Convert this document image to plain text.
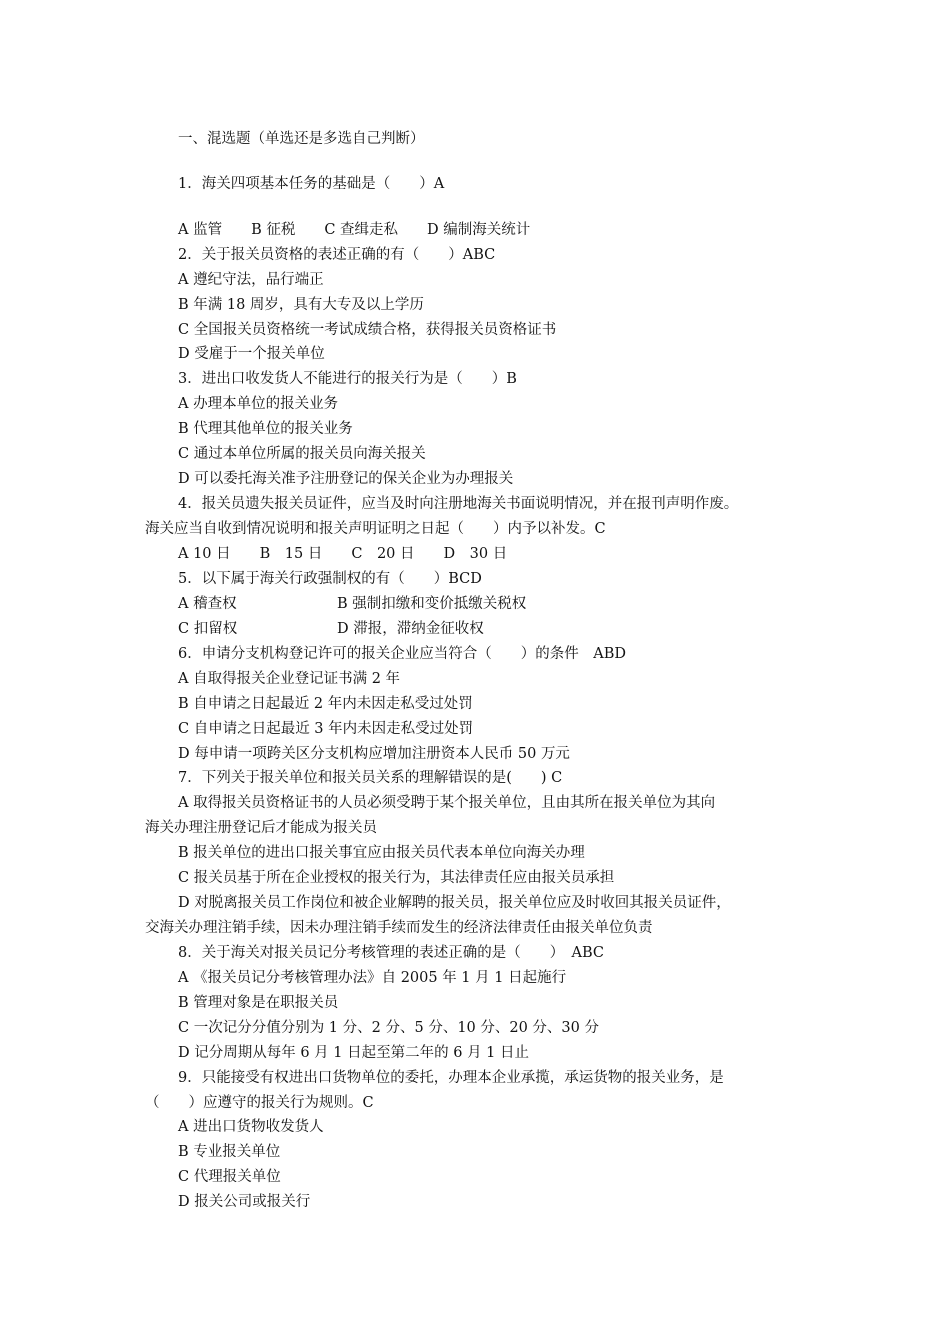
一、混选题（单选还是多选自己判断）
1．海关四项基本任务的基础是（　　）A
A 监管　　B 征税　　C 查缉走私　　D 编制海关统计
2．关于报关员资格的表述正确的有（　　）ABC
A 遵纪守法，品行端正
B 年满 18 周岁，具有大专及以上学历
C 全国报关员资格统一考试成绩合格，获得报关员资格证书
D 受雇于一个报关单位
3．进出口收发货人不能进行的报关行为是（　　）B
A 办理本单位的报关业务
B 代理其他单位的报关业务
C 通过本单位所属的报关员向海关报关
D 可以委托海关准予注册登记的保关企业为办理报关
4．报关员遗失报关员证件，应当及时向注册地海关书面说明情况，并在报刊声明作废。
海关应当自收到情况说明和报关声明证明之日起（　　）内予以补发。C
A 10 日　　B　15 日　　C　20 日　　D　30 日
5．以下属于海关行政强制权的有（　　）BCD
A 稽查权	B 强制扣缴和变价抵缴关税权
C 扣留权	D 滞报，滞纳金征收权
6．申请分支机构登记许可的报关企业应当符合（　　）的条件　ABD
A 自取得报关企业登记证书满 2 年
B 自申请之日起最近 2 年内未因走私受过处罚
C 自申请之日起最近 3 年内未因走私受过处罚
D 每申请一项跨关区分支机构应增加注册资本人民币 50 万元
7．下列关于报关单位和报关员关系的理解错误的是(　　) C
A 取得报关员资格证书的人员必须受聘于某个报关单位，且由其所在报关单位为其向
海关办理注册登记后才能成为报关员
B 报关单位的进出口报关事宜应由报关员代表本单位向海关办理
C 报关员基于所在企业授权的报关行为，其法律责任应由报关员承担
D 对脱离报关员工作岗位和被企业解聘的报关员，报关单位应及时收回其报关员证件，
交海关办理注销手续，因未办理注销手续而发生的经济法律责任由报关单位负责
8．关于海关对报关员记分考核管理的表述正确的是（　　）　ABC
A 《报关员记分考核管理办法》自 2005 年 1 月 1 日起施行
B 管理对象是在职报关员
C 一次记分分值分别为 1 分、2 分、5 分、10 分、20 分、30 分
D 记分周期从每年 6 月 1 日起至第二年的 6 月 1 日止
9．只能接受有权进出口货物单位的委托，办理本企业承揽，承运货物的报关业务，是
（　　）应遵守的报关行为规则。C
A 进出口货物收发货人
B 专业报关单位
C 代理报关单位
D 报关公司或报关行
